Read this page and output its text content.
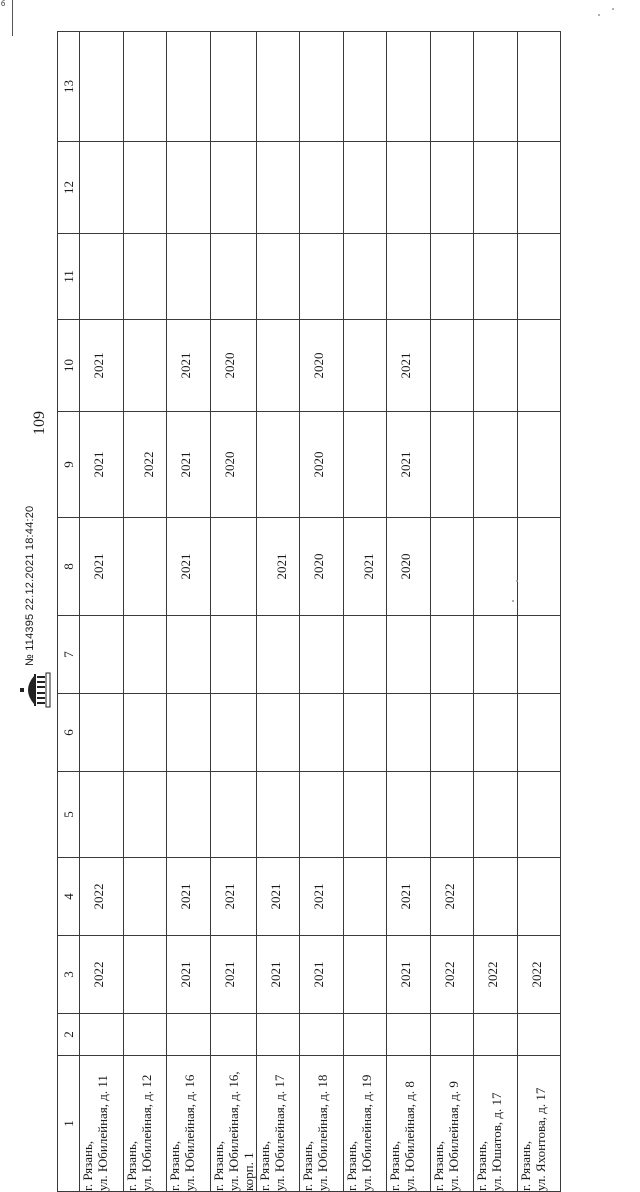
б
109
1	2	3	4	5	6	7	8	9	10	11	12	13

г. Рязань, ул. Юбилейная, д. 11		2022	2022				2021	2021	2021			

г. Рязань, ул. Юбилейная, д. 12								2022				

г. Рязань, ул. Юбилейная, д. 16		2021	2021				2021	2021	2021			

г. Рязань, ул. Юбилейная, д. 16, корп. 1		2021	2021					2020	2020			

г. Рязань, ул. Юбилейная, д. 17		2021	2021				2021					

г. Рязань, ул. Юбилейная, д. 18		2021	2021				2020	2020	2020			

г. Рязань, ул. Юбилейная, д. 19							2021					

г. Рязань, ул. Юбилейная, д. 8		2021	2021				2020	2021	2021			

г. Рязань, ул. Юбилейная, д. 9		2022	2022									

г. Рязань, ул. Юшатов, д. 17		2022										

г. Рязань, ул. Яхонтова, д. 17		2022										

№ 114395 22.12.2021 18:44:20
